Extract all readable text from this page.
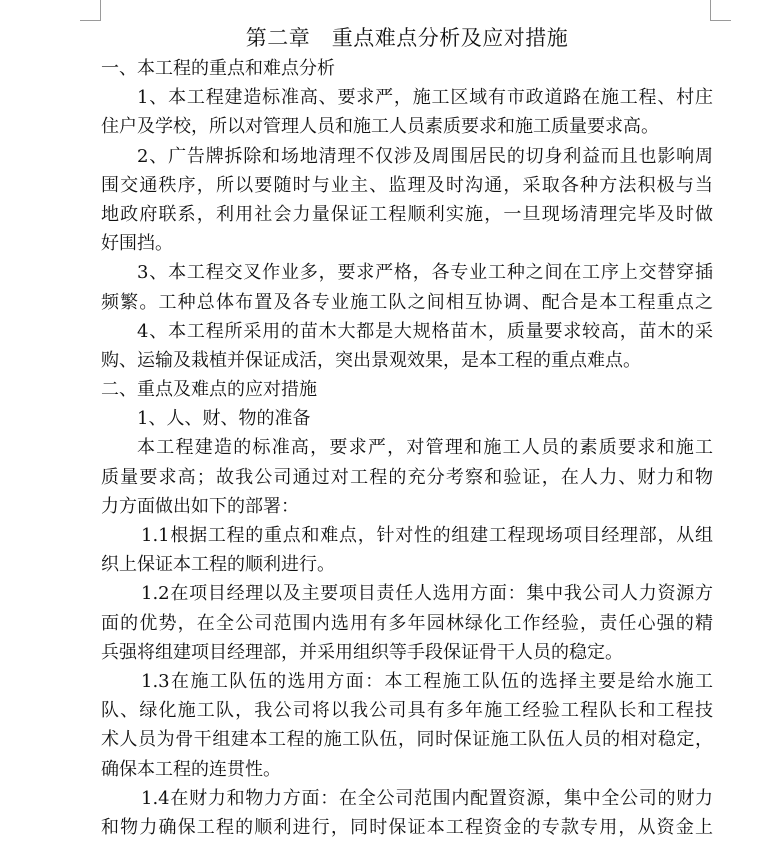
第二章　重点难点分析及应对措施
一、本工程的重点和难点分析
1、本工程建造标准高、要求严，施工区域有市政道路在施工程、村庄
住户及学校，所以对管理人员和施工人员素质要求和施工质量要求高。
2、广告牌拆除和场地清理不仅涉及周围居民的切身利益而且也影响周
围交通秩序，所以要随时与业主、监理及时沟通，采取各种方法积极与当
地政府联系，利用社会力量保证工程顺利实施，一旦现场清理完毕及时做
好围挡。
3、本工程交叉作业多，要求严格，各专业工种之间在工序上交替穿插
频繁。工种总体布置及各专业施工队之间相互协调、配合是本工程重点之
4、本工程所采用的苗木大都是大规格苗木，质量要求较高，苗木的采
购、运输及栽植并保证成活，突出景观效果，是本工程的重点难点。
二、重点及难点的应对措施
1、人、财、物的准备
本工程建造的标准高，要求严，对管理和施工人员的素质要求和施工
质量要求高；故我公司通过对工程的充分考察和验证，在人力、财力和物
力方面做出如下的部署：
1.1根据工程的重点和难点，针对性的组建工程现场项目经理部，从组
织上保证本工程的顺利进行。
1.2在项目经理以及主要项目责任人选用方面：集中我公司人力资源方
面的优势，在全公司范围内选用有多年园林绿化工作经验，责任心强的精
兵强将组建项目经理部，并采用组织等手段保证骨干人员的稳定。
1.3在施工队伍的选用方面：本工程施工队伍的选择主要是给水施工
队、绿化施工队，我公司将以我公司具有多年施工经验工程队长和工程技
术人员为骨干组建本工程的施工队伍，同时保证施工队伍人员的相对稳定，
确保本工程的连贯性。
1.4在财力和物力方面：在全公司范围内配置资源，集中全公司的财力
和物力确保工程的顺利进行，同时保证本工程资金的专款专用，从资金上
